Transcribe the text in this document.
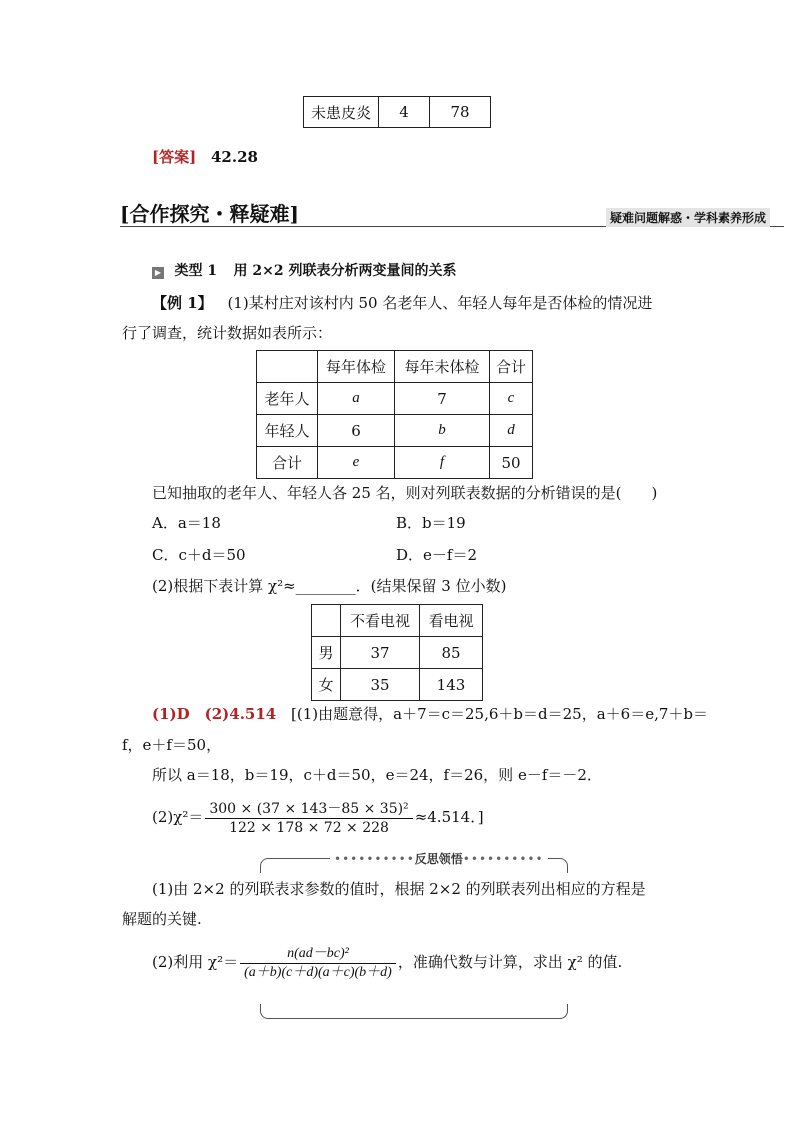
未患皮炎	4	78
[答案] 42.28
[合作探究・释疑难]	疑难问题解惑・学科素养形成
▶ 类型 1 用 2×2 列联表分析两变量间的关系
【例 1】 (1)某村庄对该村内 50 名老年人、年轻人每年是否体检的情况进
行了调查，统计数据如表所示：
	每年体检	每年未体检	合计
老年人	a	7	c
年轻人	6	b	d
合计	e	f	50
已知抽取的老年人、年轻人各 25 名，则对列联表数据的分析错误的是(　　)
A．a＝18	B．b＝19
C．c＋d＝50	D．e－f＝2
(2)根据下表计算 χ²≈________．(结果保留 3 位小数)
	不看电视	看电视
男	37	85
女	35	143
(1)D　(2)4.514 [(1)由题意得，a＋7＝c＝25,6＋b＝d＝25，a＋6＝e,7＋b＝
f，e＋f＝50，
所以 a＝18，b＝19，c＋d＝50，e＝24，f＝26，则 e－f＝－2．
$(2)\chi^2= \frac{\text{300 × (37 × 143－85 × 35)²}}{122 \times 178 \times 72 \times 228} \approx 4.514$．]
••••••••••反思领悟••••••••••
(1)由 2×2 的列联表求参数的值时，根据 2×2 的列联表列出相应的方程是
解题的关键.
(2)利用 $\chi^2= \frac{\text{n(ad－bc)²}}{(a+b)(c+d)(a+c)(b+d)}$ ，准确代数与计算，求出 χ² 的值.
